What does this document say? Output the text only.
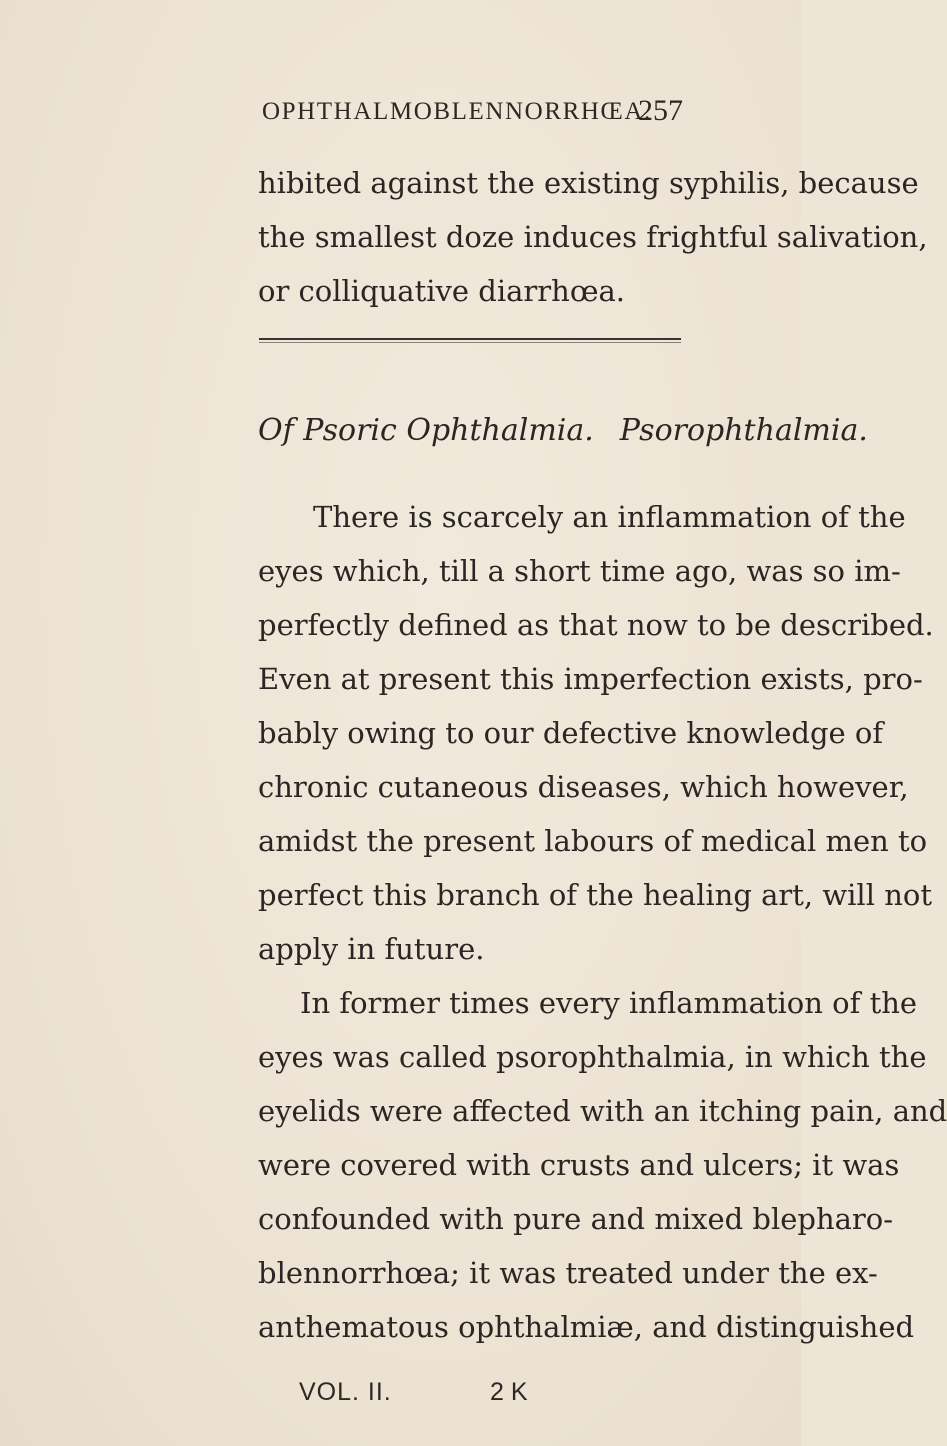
OPHTHALMOBLENNORRHŒA.
257
hibited against the existing syphilis, because
the smallest doze induces frightful salivation,
or colliquative diarrhœa.
Of Psoric Ophthalmia. Psorophthalmia.
There is scarcely an inflammation of the
eyes which, till a short time ago, was so im-
perfectly defined as that now to be described.
Even at present this imperfection exists, pro-
bably owing to our defective knowledge of
chronic cutaneous diseases, which however,
amidst the present labours of medical men to
perfect this branch of the healing art, will not
apply in future.
In former times every inflammation of the
eyes was called psorophthalmia, in which the
eyelids were affected with an itching pain, and
were covered with crusts and ulcers; it was
confounded with pure and mixed blepharo-
blennorrhœa; it was treated under the ex-
anthematous ophthalmiæ, and distinguished
VOL. II.	2 K
